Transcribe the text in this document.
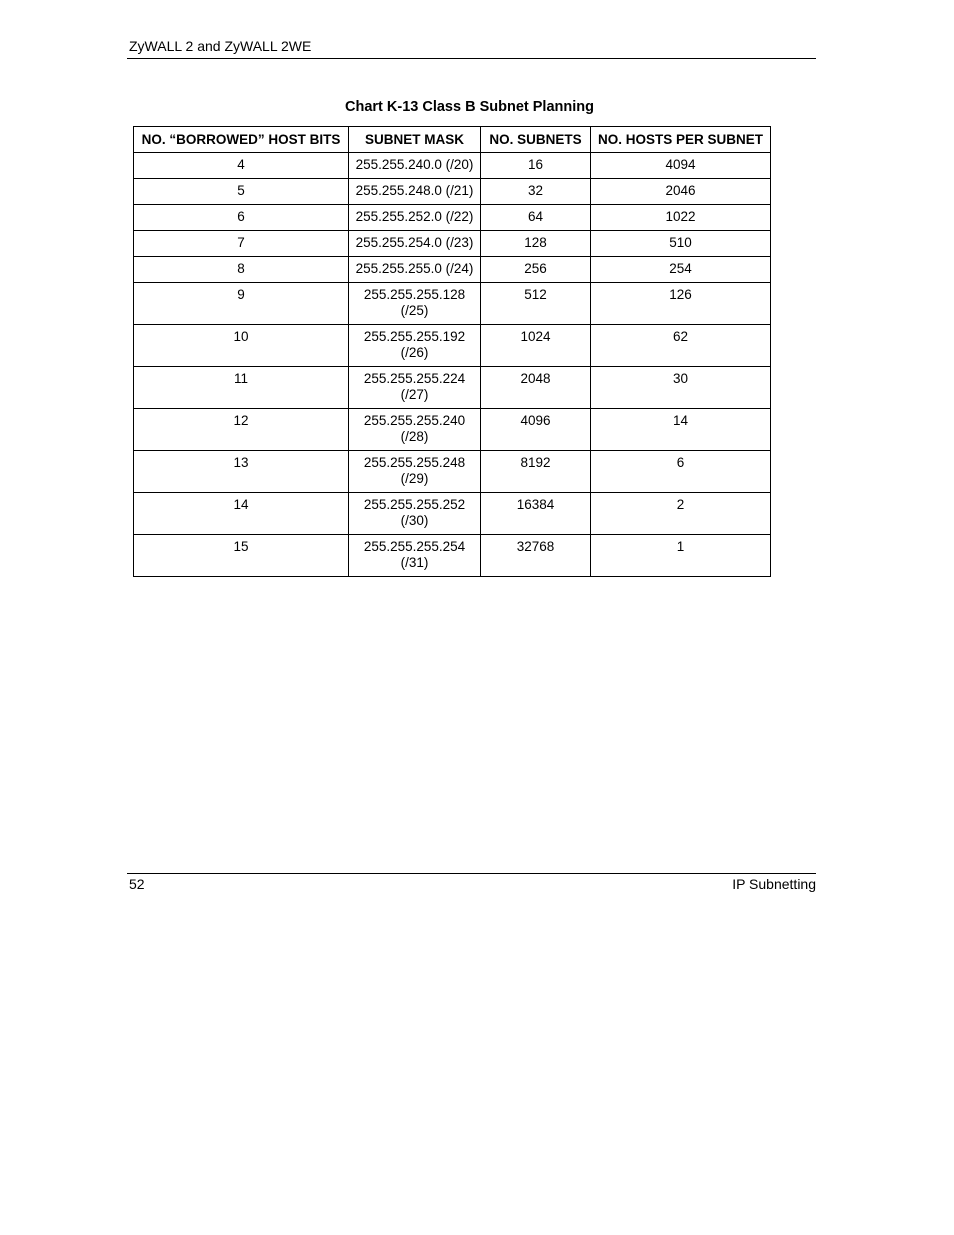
ZyWALL 2 and ZyWALL 2WE
Chart K-13 Class B Subnet Planning
NO. “BORROWED” HOST BITS	SUBNET MASK	NO. SUBNETS	NO. HOSTS PER SUBNET
4	255.255.240.0 (/20)	16	4094
5	255.255.248.0 (/21)	32	2046
6	255.255.252.0 (/22)	64	1022
7	255.255.254.0 (/23)	128	510
8	255.255.255.0 (/24)	256	254
9	255.255.255.128 (/25)	512	126
10	255.255.255.192 (/26)	1024	62
11	255.255.255.224 (/27)	2048	30
12	255.255.255.240 (/28)	4096	14
13	255.255.255.248 (/29)	8192	6
14	255.255.255.252 (/30)	16384	2
15	255.255.255.254 (/31)	32768	1
52	IP Subnetting
